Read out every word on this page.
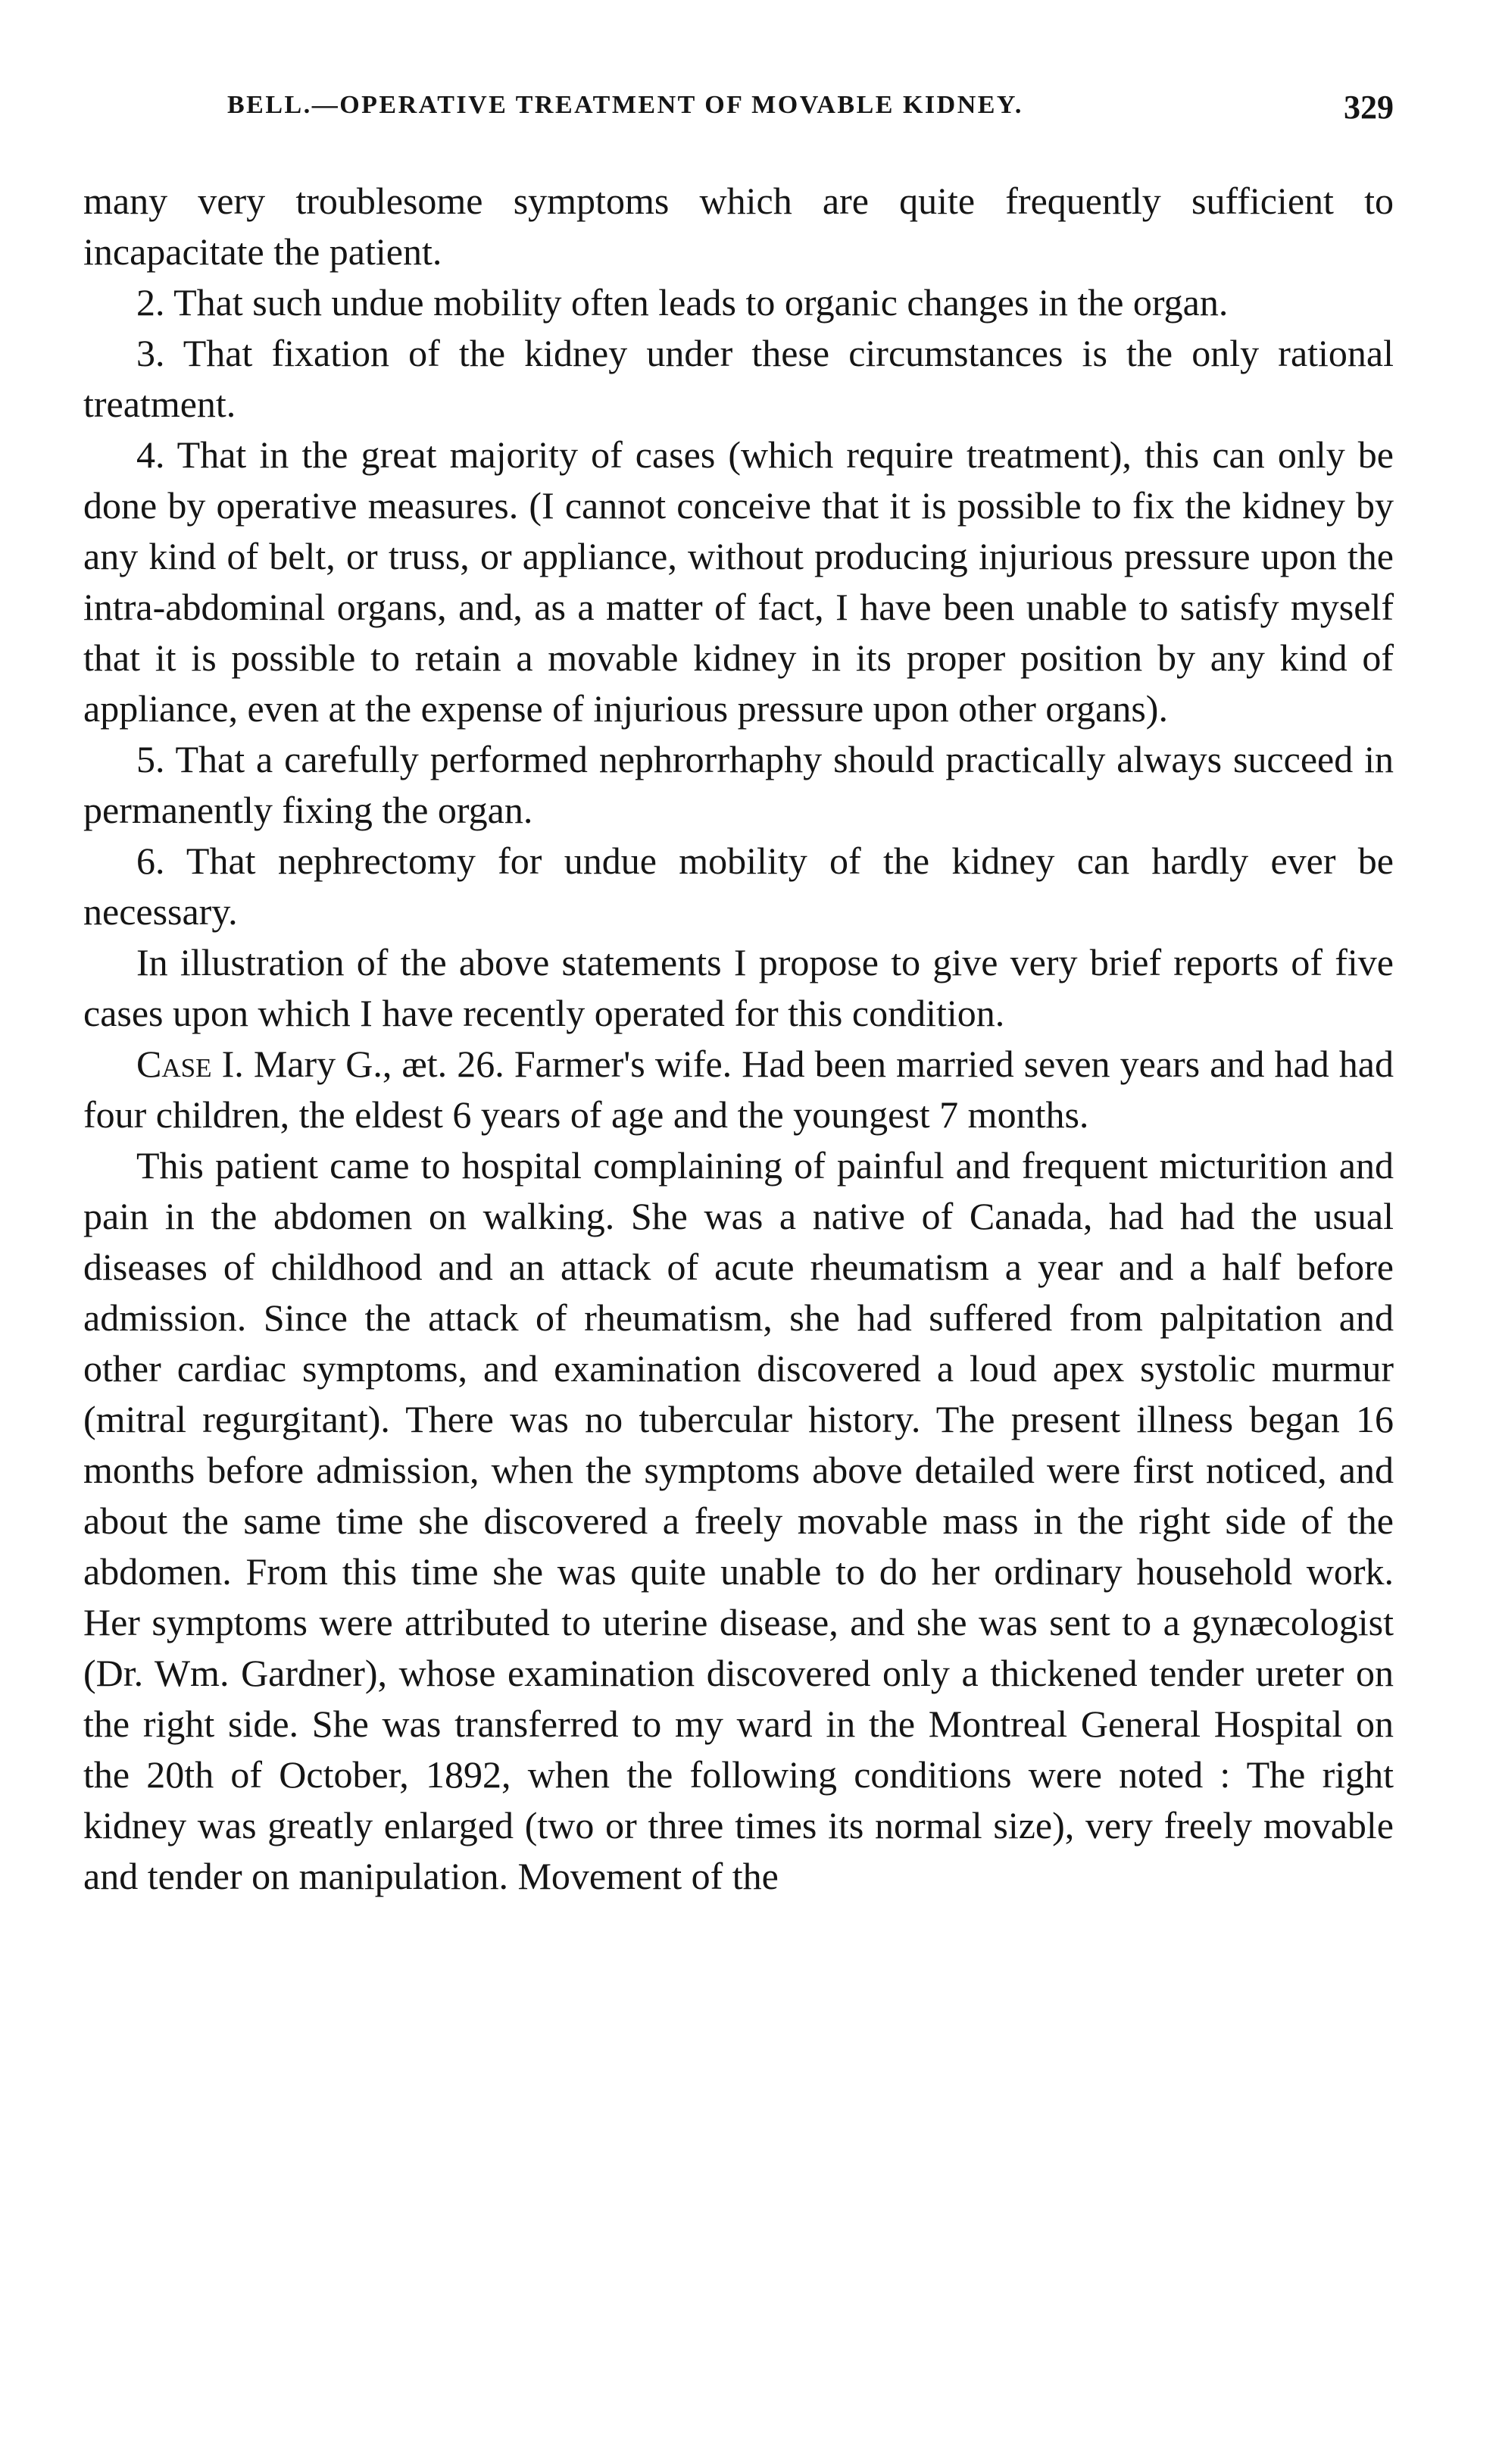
BELL.—OPERATIVE TREATMENT OF MOVABLE KIDNEY.	329

many very troublesome symptoms which are quite frequently sufficient to incapacitate the patient.

2. That such undue mobility often leads to organic changes in the organ.

3. That fixation of the kidney under these circumstances is the only rational treatment.

4. That in the great majority of cases (which require treatment), this can only be done by operative measures. (I cannot conceive that it is possible to fix the kidney by any kind of belt, or truss, or appliance, without producing injurious pressure upon the intra-abdominal organs, and, as a matter of fact, I have been unable to satisfy myself that it is possible to retain a movable kidney in its proper position by any kind of appliance, even at the expense of injurious pressure upon other organs).

5. That a carefully performed nephrorrhaphy should practically always succeed in permanently fixing the organ.

6. That nephrectomy for undue mobility of the kidney can hardly ever be necessary.

In illustration of the above statements I propose to give very brief reports of five cases upon which I have recently operated for this condition.

Case I. Mary G., æt. 26. Farmer's wife. Had been married seven years and had had four children, the eldest 6 years of age and the youngest 7 months.

This patient came to hospital complaining of painful and frequent micturition and pain in the abdomen on walking. She was a native of Canada, had had the usual diseases of childhood and an attack of acute rheumatism a year and a half before admission. Since the attack of rheumatism, she had suffered from palpitation and other cardiac symptoms, and examination discovered a loud apex systolic murmur (mitral regurgitant). There was no tubercular history. The present illness began 16 months before admission, when the symptoms above detailed were first noticed, and about the same time she discovered a freely movable mass in the right side of the abdomen. From this time she was quite unable to do her ordinary household work. Her symptoms were attributed to uterine disease, and she was sent to a gynæcologist (Dr. Wm. Gardner), whose examination discovered only a thickened tender ureter on the right side. She was transferred to my ward in the Montreal General Hospital on the 20th of October, 1892, when the following conditions were noted : The right kidney was greatly enlarged (two or three times its normal size), very freely movable and tender on manipulation. Movement of the
